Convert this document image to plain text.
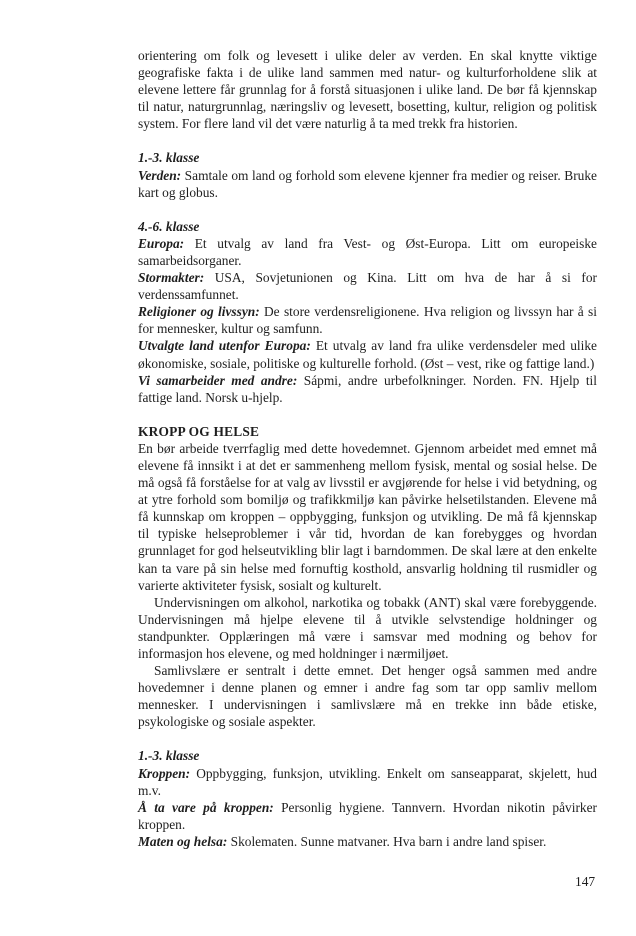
orientering om folk og levesett i ulike deler av verden. En skal knytte viktige geografiske fakta i de ulike land sammen med natur- og kulturforholdene slik at elevene lettere får grunnlag for å forstå situasjonen i ulike land. De bør få kjennskap til natur, naturgrunnlag, næringsliv og levesett, bosetting, kultur, religion og politisk system. For flere land vil det være naturlig å ta med trekk fra historien.

1.-3. klasse

Verden: Samtale om land og forhold som elevene kjenner fra medier og reiser. Bruke kart og globus.

4.-6. klasse

Europa: Et utvalg av land fra Vest- og Øst-Europa. Litt om europeiske samarbeidsorganer.

Stormakter: USA, Sovjetunionen og Kina. Litt om hva de har å si for verdenssamfunnet.

Religioner og livssyn: De store verdensreligionene. Hva religion og livssyn har å si for mennesker, kultur og samfunn.

Utvalgte land utenfor Europa: Et utvalg av land fra ulike verdensdeler med ulike økonomiske, sosiale, politiske og kulturelle forhold. (Øst – vest, rike og fattige land.)

Vi samarbeider med andre: Sápmi, andre urbefolkninger. Norden. FN. Hjelp til fattige land. Norsk u-hjelp.

KROPP OG HELSE

En bør arbeide tverrfaglig med dette hovedemnet. Gjennom arbeidet med emnet må elevene få innsikt i at det er sammenheng mellom fysisk, mental og sosial helse. De må også få forståelse for at valg av livsstil er avgjørende for helse i vid betydning, og at ytre forhold som bomiljø og trafikkmiljø kan påvirke helsetilstanden. Elevene må få kunnskap om kroppen – oppbygging, funksjon og utvikling. De må få kjennskap til typiske helseproblemer i vår tid, hvordan de kan forebygges og hvordan grunnlaget for god helseutvikling blir lagt i barndommen. De skal lære at den enkelte kan ta vare på sin helse med fornuftig kosthold, ansvarlig holdning til rusmidler og varierte aktiviteter fysisk, sosialt og kulturelt.

Undervisningen om alkohol, narkotika og tobakk (ANT) skal være forebyggende. Undervisningen må hjelpe elevene til å utvikle selvstendige holdninger og standpunkter. Opplæringen må være i samsvar med modning og behov for informasjon hos elevene, og med holdninger i nærmiljøet.

Samlivslære er sentralt i dette emnet. Det henger også sammen med andre hovedemner i denne planen og emner i andre fag som tar opp samliv mellom mennesker. I undervisningen i samlivslære må en trekke inn både etiske, psykologiske og sosiale aspekter.

1.-3. klasse

Kroppen: Oppbygging, funksjon, utvikling. Enkelt om sanseapparat, skjelett, hud m.v.

Å ta vare på kroppen: Personlig hygiene. Tannvern. Hvordan nikotin påvirker kroppen.

Maten og helsa: Skolematen. Sunne matvaner. Hva barn i andre land spiser.

147
